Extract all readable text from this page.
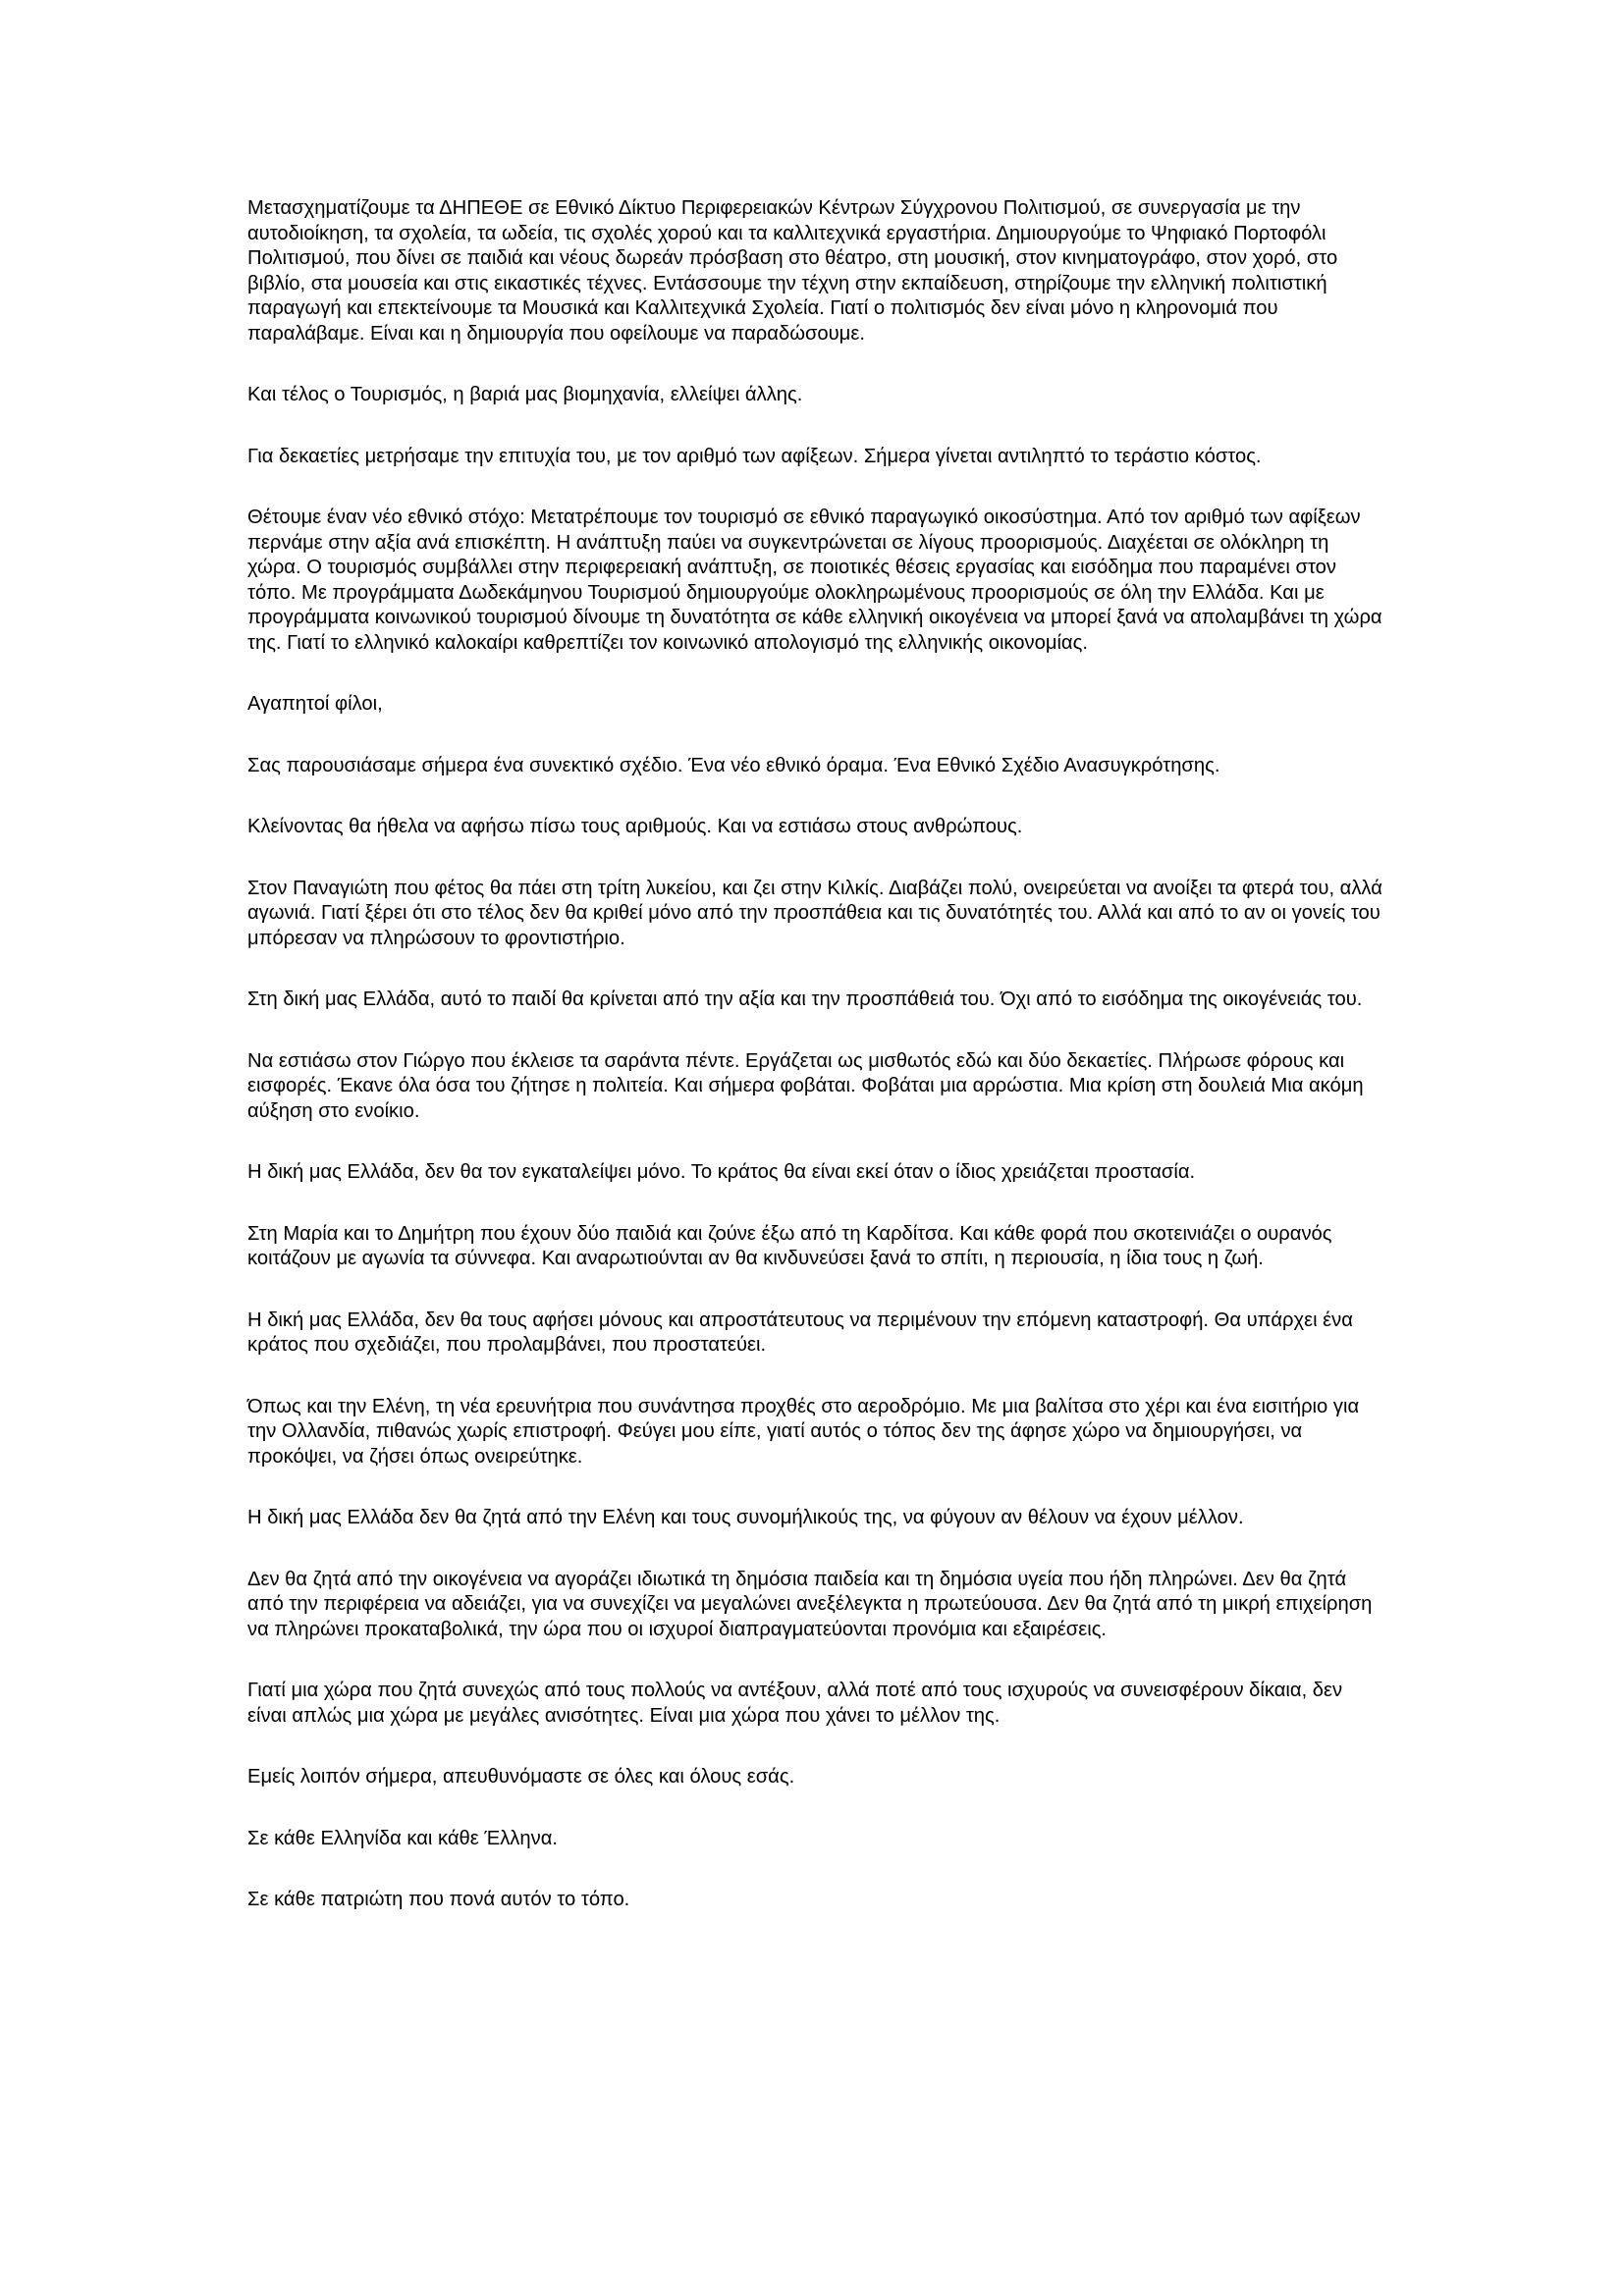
Μετασχηματίζουμε τα ΔΗΠΕΘΕ σε Εθνικό Δίκτυο Περιφερειακών Κέντρων Σύγχρονου Πολιτισμού, σε συνεργασία με την αυτοδιοίκηση, τα σχολεία, τα ωδεία, τις σχολές χορού και τα καλλιτεχνικά εργαστήρια. Δημιουργούμε το Ψηφιακό Πορτοφόλι Πολιτισμού, που δίνει σε παιδιά και νέους δωρεάν πρόσβαση στο θέατρο, στη μουσική, στον κινηματογράφο, στον χορό, στο βιβλίο, στα μουσεία και στις εικαστικές τέχνες. Εντάσσουμε την τέχνη στην εκπαίδευση, στηρίζουμε την ελληνική πολιτιστική παραγωγή και επεκτείνουμε τα Μουσικά και Καλλιτεχνικά Σχολεία. Γιατί ο πολιτισμός δεν είναι μόνο η κληρονομιά που παραλάβαμε. Είναι και η δημιουργία που οφείλουμε να παραδώσουμε.

Και τέλος ο Τουρισμός, η βαριά μας βιομηχανία, ελλείψει άλλης.

Για δεκαετίες μετρήσαμε την επιτυχία του, με τον αριθμό των αφίξεων. Σήμερα γίνεται αντιληπτό το τεράστιο κόστος.

Θέτουμε έναν νέο εθνικό στόχο: Μετατρέπουμε τον τουρισμό σε εθνικό παραγωγικό οικοσύστημα. Από τον αριθμό των αφίξεων περνάμε στην αξία ανά επισκέπτη. Η ανάπτυξη παύει να συγκεντρώνεται σε λίγους προορισμούς. Διαχέεται σε ολόκληρη τη χώρα. Ο τουρισμός συμβάλλει στην περιφερειακή ανάπτυξη, σε ποιοτικές θέσεις εργασίας και εισόδημα που παραμένει στον τόπο. Με προγράμματα Δωδεκάμηνου Τουρισμού δημιουργούμε ολοκληρωμένους προορισμούς σε όλη την Ελλάδα. Και με προγράμματα κοινωνικού τουρισμού δίνουμε τη δυνατότητα σε κάθε ελληνική οικογένεια να μπορεί ξανά να απολαμβάνει τη χώρα της. Γιατί το ελληνικό καλοκαίρι καθρεπτίζει τον κοινωνικό απολογισμό της ελληνικής οικονομίας.

Αγαπητοί φίλοι,

Σας παρουσιάσαμε σήμερα ένα συνεκτικό σχέδιο. Ένα νέο εθνικό όραμα. Ένα Εθνικό Σχέδιο Ανασυγκρότησης.

Κλείνοντας θα ήθελα να αφήσω πίσω τους αριθμούς. Και να εστιάσω στους ανθρώπους.

Στον Παναγιώτη που φέτος θα πάει στη τρίτη λυκείου, και ζει στην Κιλκίς. Διαβάζει πολύ, ονειρεύεται να ανοίξει τα φτερά του, αλλά αγωνιά. Γιατί ξέρει ότι στο τέλος δεν θα κριθεί μόνο από την προσπάθεια και τις δυνατότητές του. Αλλά και από το αν οι γονείς του μπόρεσαν να πληρώσουν το φροντιστήριο.

Στη δική μας Ελλάδα, αυτό το παιδί θα κρίνεται από την αξία και την προσπάθειά του. Όχι από το εισόδημα της οικογένειάς του.

Να εστιάσω στον Γιώργο που έκλεισε τα σαράντα πέντε. Εργάζεται ως μισθωτός εδώ και δύο δεκαετίες. Πλήρωσε φόρους και εισφορές. Έκανε όλα όσα του ζήτησε η πολιτεία. Και σήμερα φοβάται. Φοβάται μια αρρώστια. Μια κρίση στη δουλειά Μια ακόμη αύξηση στο ενοίκιο.

Η δική μας Ελλάδα, δεν θα τον εγκαταλείψει μόνο. Το κράτος θα είναι εκεί όταν ο ίδιος χρειάζεται προστασία.

Στη Μαρία και το Δημήτρη που έχουν δύο παιδιά και ζούνε έξω από τη Καρδίτσα. Και κάθε φορά που σκοτεινιάζει ο ουρανός κοιτάζουν με αγωνία τα σύννεφα. Και αναρωτιούνται αν θα κινδυνεύσει ξανά το σπίτι, η περιουσία, η ίδια τους η ζωή.

Η δική μας Ελλάδα, δεν θα τους αφήσει μόνους και απροστάτευτους να περιμένουν την επόμενη καταστροφή. Θα υπάρχει ένα κράτος που σχεδιάζει, που προλαμβάνει, που προστατεύει.

Όπως και την Ελένη, τη νέα ερευνήτρια που συνάντησα προχθές στο αεροδρόμιο. Με μια βαλίτσα στο χέρι και ένα εισιτήριο για την Ολλανδία, πιθανώς χωρίς επιστροφή. Φεύγει μου είπε, γιατί αυτός ο τόπος δεν της άφησε χώρο να δημιουργήσει, να προκόψει, να ζήσει όπως ονειρεύτηκε.

Η δική μας Ελλάδα δεν θα ζητά από την Ελένη και τους συνομήλικούς της, να φύγουν αν θέλουν να έχουν μέλλον.

Δεν θα ζητά από την οικογένεια να αγοράζει ιδιωτικά τη δημόσια παιδεία και τη δημόσια υγεία που ήδη πληρώνει. Δεν θα ζητά από την περιφέρεια να αδειάζει, για να συνεχίζει να μεγαλώνει ανεξέλεγκτα η πρωτεύουσα. Δεν θα ζητά από τη μικρή επιχείρηση να πληρώνει προκαταβολικά, την ώρα που οι ισχυροί διαπραγματεύονται προνόμια και εξαιρέσεις.

Γιατί μια χώρα που ζητά συνεχώς από τους πολλούς να αντέξουν, αλλά ποτέ από τους ισχυρούς να συνεισφέρουν δίκαια, δεν είναι απλώς μια χώρα με μεγάλες ανισότητες. Είναι μια χώρα που χάνει το μέλλον της.

Εμείς λοιπόν σήμερα, απευθυνόμαστε σε όλες και όλους εσάς.

Σε κάθε Ελληνίδα και κάθε Έλληνα.

Σε κάθε πατριώτη που πονά αυτόν το τόπο.
